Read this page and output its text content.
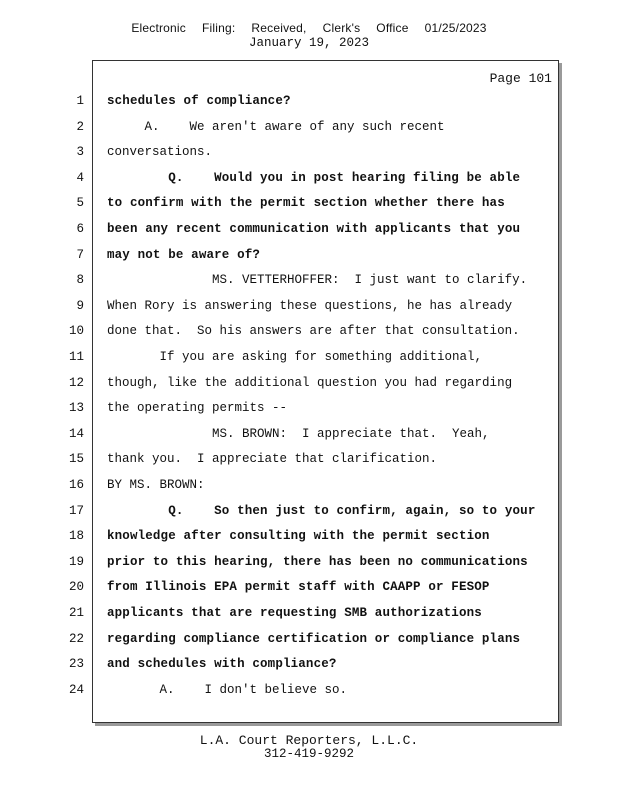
Electronic Filing: Received, Clerk's Office 01/25/2023
January 19, 2023
Page 101
1 schedules of compliance?
2 A.    We aren't aware of any such recent
3 conversations.
4 Q.    Would you in post hearing filing be able
5 to confirm with the permit section whether there has
6 been any recent communication with applicants that you
7 may not be aware of?
8 MS. VETTERHOFFER:  I just want to clarify.
9 When Rory is answering these questions, he has already
10 done that.  So his answers are after that consultation.
11 If you are asking for something additional,
12 though, like the additional question you had regarding
13 the operating permits --
14 MS. BROWN:  I appreciate that.  Yeah,
15 thank you.  I appreciate that clarification.
16 BY MS. BROWN:
17 Q.    So then just to confirm, again, so to your
18 knowledge after consulting with the permit section
19 prior to this hearing, there has been no communications
20 from Illinois EPA permit staff with CAAPP or FESOP
21 applicants that are requesting SMB authorizations
22 regarding compliance certification or compliance plans
23 and schedules with compliance?
24 A.    I don't believe so.
L.A. Court Reporters, L.L.C.
312-419-9292
